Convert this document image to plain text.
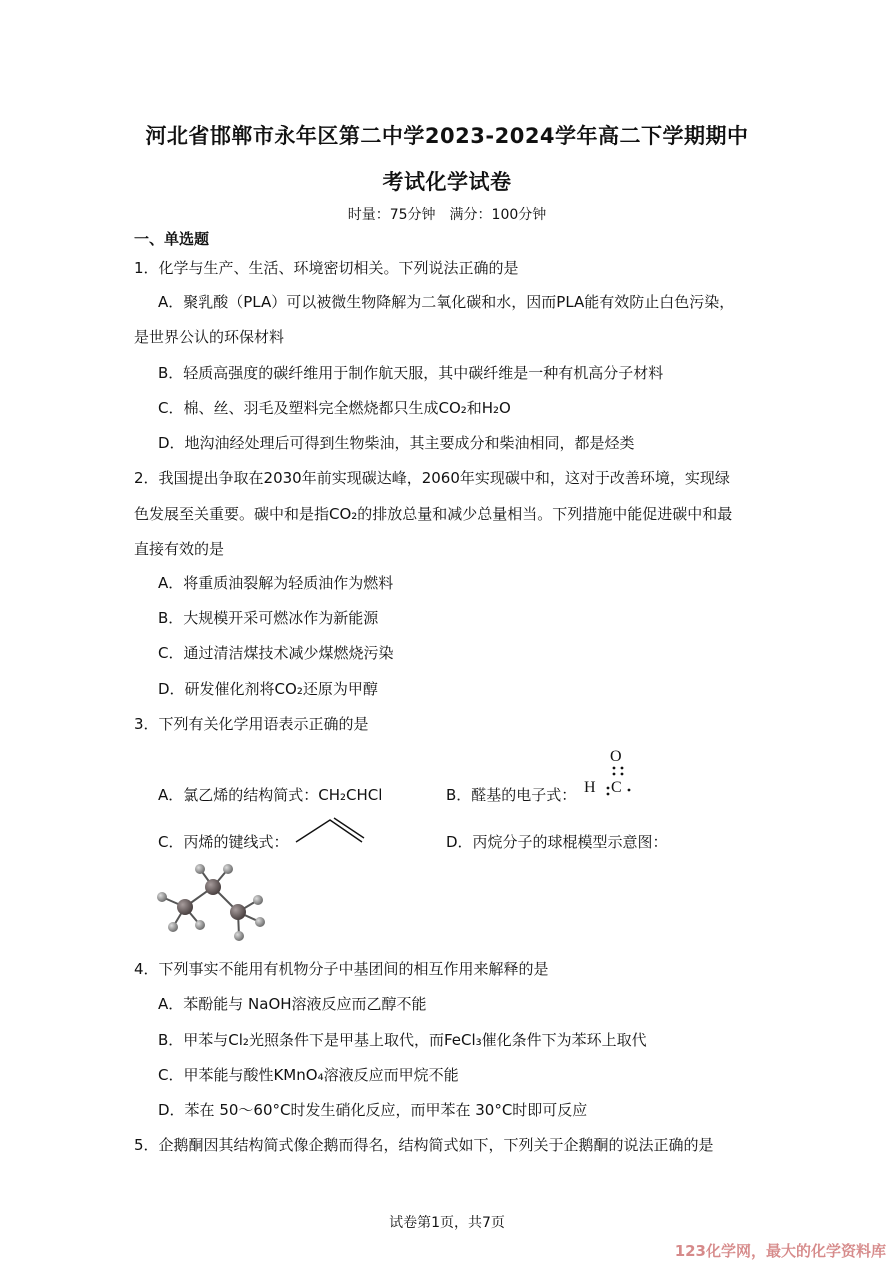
河北省邯郸市永年区第二中学2023-2024学年高二下学期期中
考试化学试卷
时量：75分钟　满分：100分钟
一、单选题
1．化学与生产、生活、环境密切相关。下列说法正确的是
A．聚乳酸（PLA）可以被微生物降解为二氧化碳和水，因而PLA能有效防止白色污染，
是世界公认的环保材料
B．轻质高强度的碳纤维用于制作航天服，其中碳纤维是一种有机高分子材料
C．棉、丝、羽毛及塑料完全燃烧都只生成CO₂和H₂O
D．地沟油经处理后可得到生物柴油，其主要成分和柴油相同，都是烃类
2．我国提出争取在2030年前实现碳达峰，2060年实现碳中和，这对于改善环境，实现绿
色发展至关重要。碳中和是指CO₂的排放总量和减少总量相当。下列措施中能促进碳中和最
直接有效的是
A．将重质油裂解为轻质油作为燃料
B．大规模开采可燃冰作为新能源
C．通过清洁煤技术减少煤燃烧污染
D．研发催化剂将CO₂还原为甲醇
3．下列有关化学用语表示正确的是
A．氯乙烯的结构简式：CH₂CHCl	B．醛基的电子式：
O
H C
C．丙烯的键线式：	D．丙烷分子的球棍模型示意图：
4．下列事实不能用有机物分子中基团间的相互作用来解释的是
A．苯酚能与 NaOH溶液反应而乙醇不能
B．甲苯与Cl₂光照条件下是甲基上取代，而FeCl₃催化条件下为苯环上取代
C．甲苯能与酸性KMnO₄溶液反应而甲烷不能
D．苯在 50～60°C时发生硝化反应，而甲苯在 30°C时即可反应
5．企鹅酮因其结构简式像企鹅而得名，结构简式如下，下列关于企鹅酮的说法正确的是
试卷第1页，共7页
123化学网，最大的化学资料库
